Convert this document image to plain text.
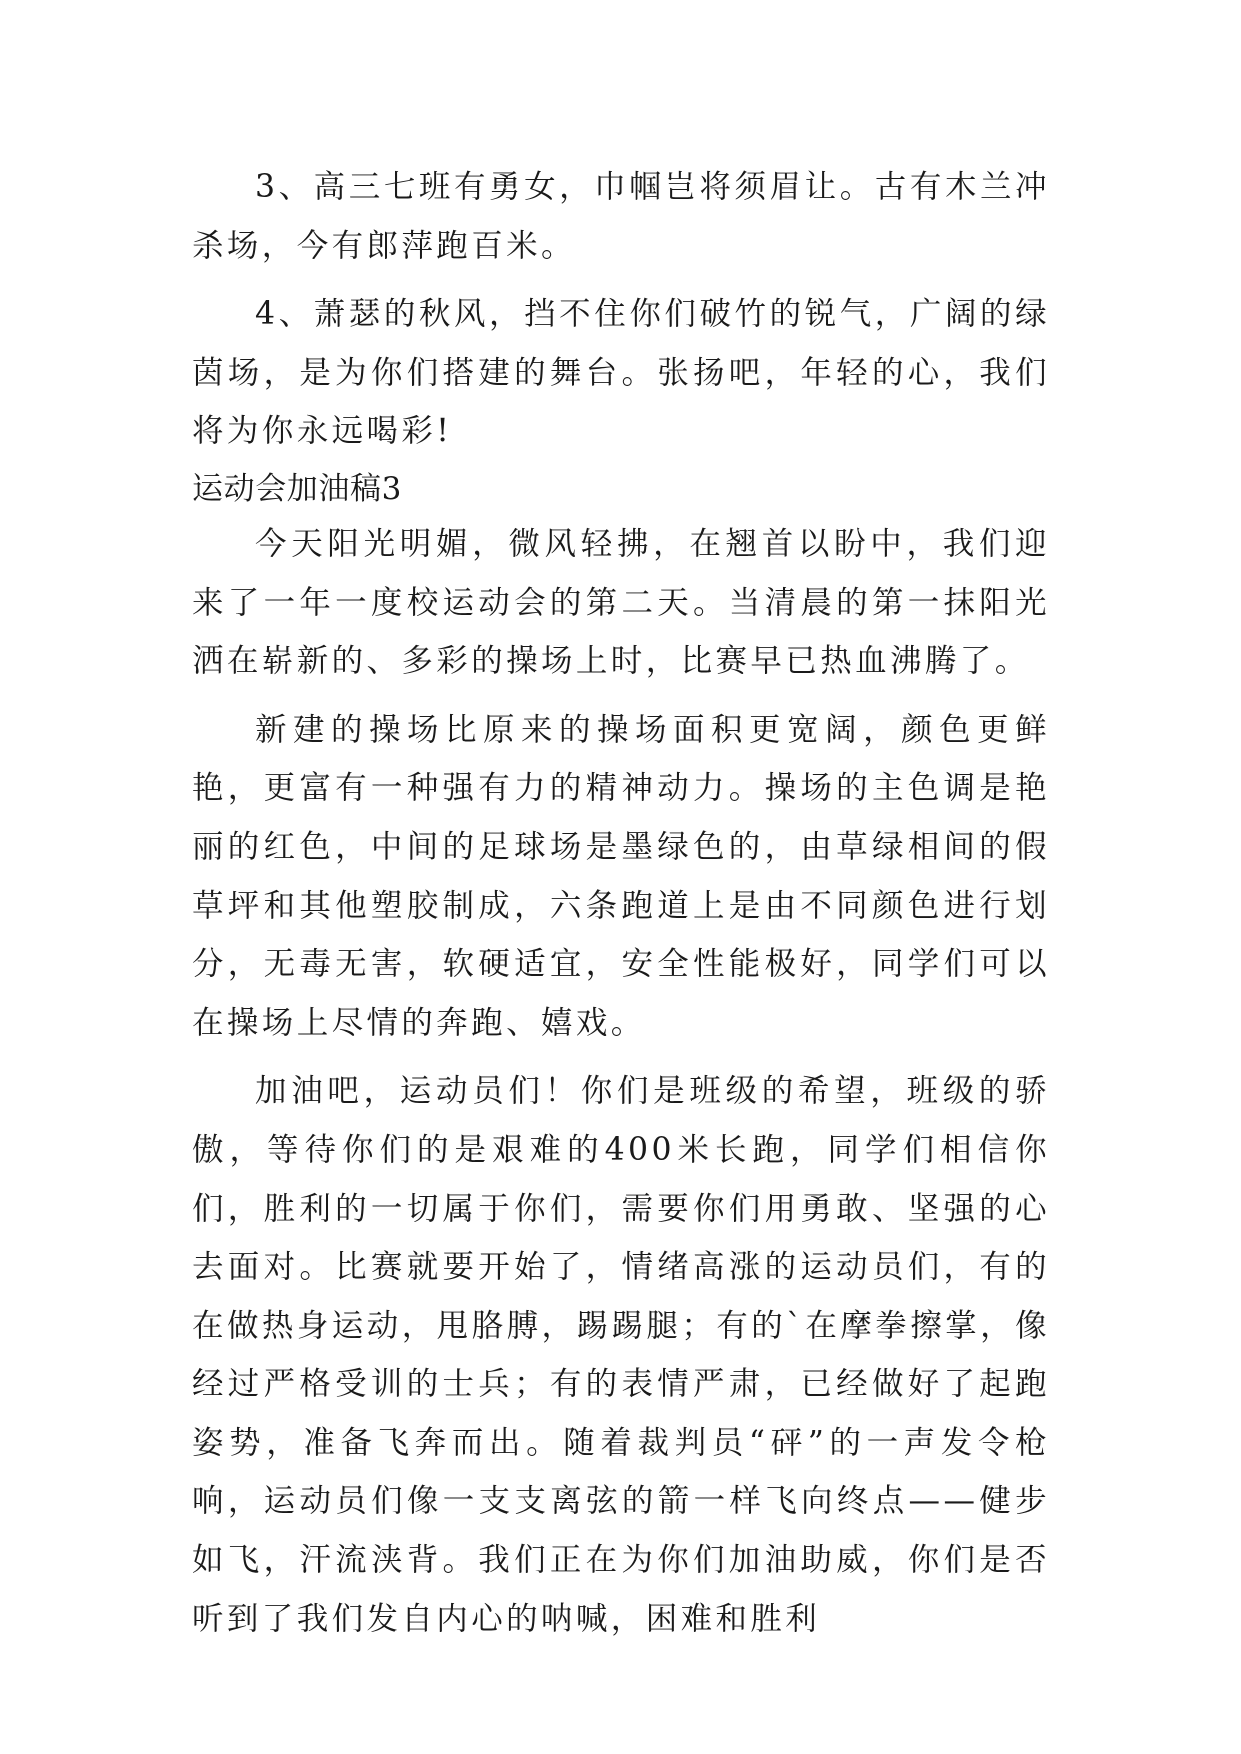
3、高三七班有勇女，巾帼岂将须眉让。古有木兰冲杀场，今有郎萍跑百米。

4、萧瑟的秋风，挡不住你们破竹的锐气，广阔的绿茵场，是为你们搭建的舞台。张扬吧，年轻的心，我们将为你永远喝彩!

运动会加油稿3

今天阳光明媚，微风轻拂，在翘首以盼中，我们迎来了一年一度校运动会的第二天。当清晨的第一抹阳光洒在崭新的、多彩的操场上时，比赛早已热血沸腾了。

新建的操场比原来的操场面积更宽阔，颜色更鲜艳，更富有一种强有力的精神动力。操场的主色调是艳丽的红色，中间的足球场是墨绿色的，由草绿相间的假草坪和其他塑胶制成，六条跑道上是由不同颜色进行划分，无毒无害，软硬适宜，安全性能极好，同学们可以在操场上尽情的奔跑、嬉戏。

加油吧，运动员们！你们是班级的希望，班级的骄傲，等待你们的是艰难的400米长跑，同学们相信你们，胜利的一切属于你们，需要你们用勇敢、坚强的心去面对。比赛就要开始了，情绪高涨的运动员们，有的在做热身运动，甩胳膊，踢踢腿；有的`在摩拳擦掌，像经过严格受训的士兵；有的表情严肃，已经做好了起跑姿势，准备飞奔而出。随着裁判员“砰”的一声发令枪响，运动员们像一支支离弦的箭一样飞向终点——健步如飞，汗流浃背。我们正在为你们加油助威，你们是否听到了我们发自内心的呐喊，困难和胜利
